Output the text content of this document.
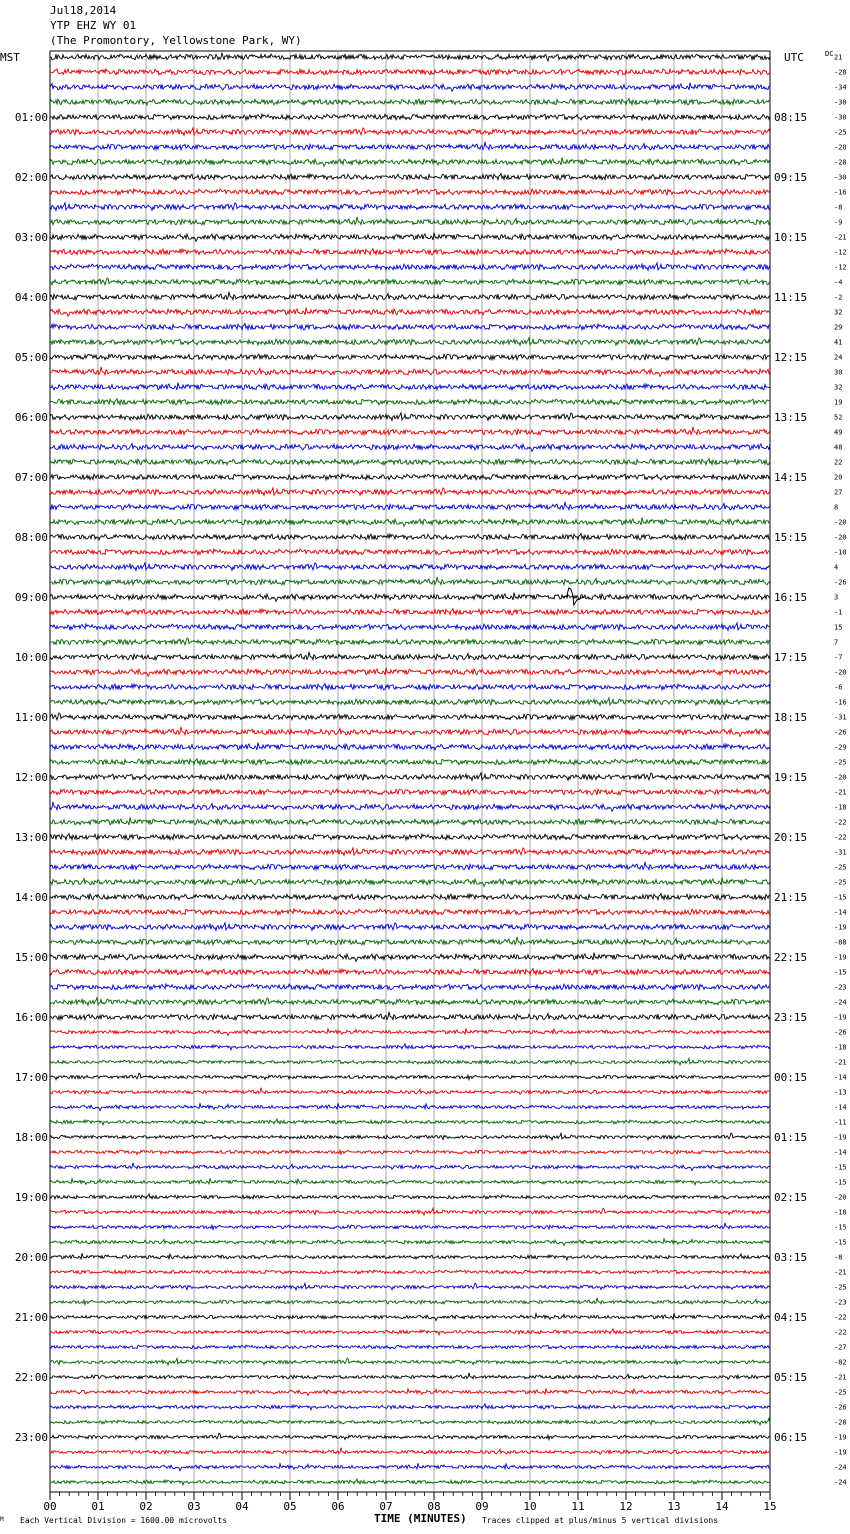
Jul18,2014
YTP EHZ WY 01
(The Promontory, Yellowstone Park, WY)
21
-28
-34
-30
-30
-25
-20
-28
-30
-16
-8
-9
-21
-12
-12
-4
-2
32
29
41
24
30
32
19
52
49
48
22
20
27
8
-20
-20
-10
4
-26
3
-1
15
7
-7
-20
-6
-16
-31
-26
-29
-25
-20
-21
-18
-22
-22
-31
-25
-25
-15
-14
-19
-88
-19
-15
-23
-24
-19
-26
-18
-21
-14
-13
-14
-11
-19
-14
-15
-15
-20
-18
-15
-15
-8
-21
-25
-23
-22
-22
-27
-82
-21
-25
-26
-28
-19
-19
-24
-24
01:00	08:15
02:00	09:15
03:00	10:15
04:00	11:15
05:00	12:15
06:00	13:15
07:00	14:15
08:00	15:15
09:00	16:15
10:00	17:15
11:00	18:15
12:00	19:15
13:00	20:15
14:00	21:15
15:00	22:15
16:00	23:15
17:00	00:15
18:00	01:15
19:00	02:15
20:00	03:15
21:00	04:15
22:00	05:15
23:00	06:15
MST	UTC	DC
00	01	02	03	04	05	06	07	08	09	10	11	12	13	14	15
M Each Vertical Division = 1600.00 microvolts	TIME (MINUTES) Traces clipped at plus/minus 5 vertical divisions
